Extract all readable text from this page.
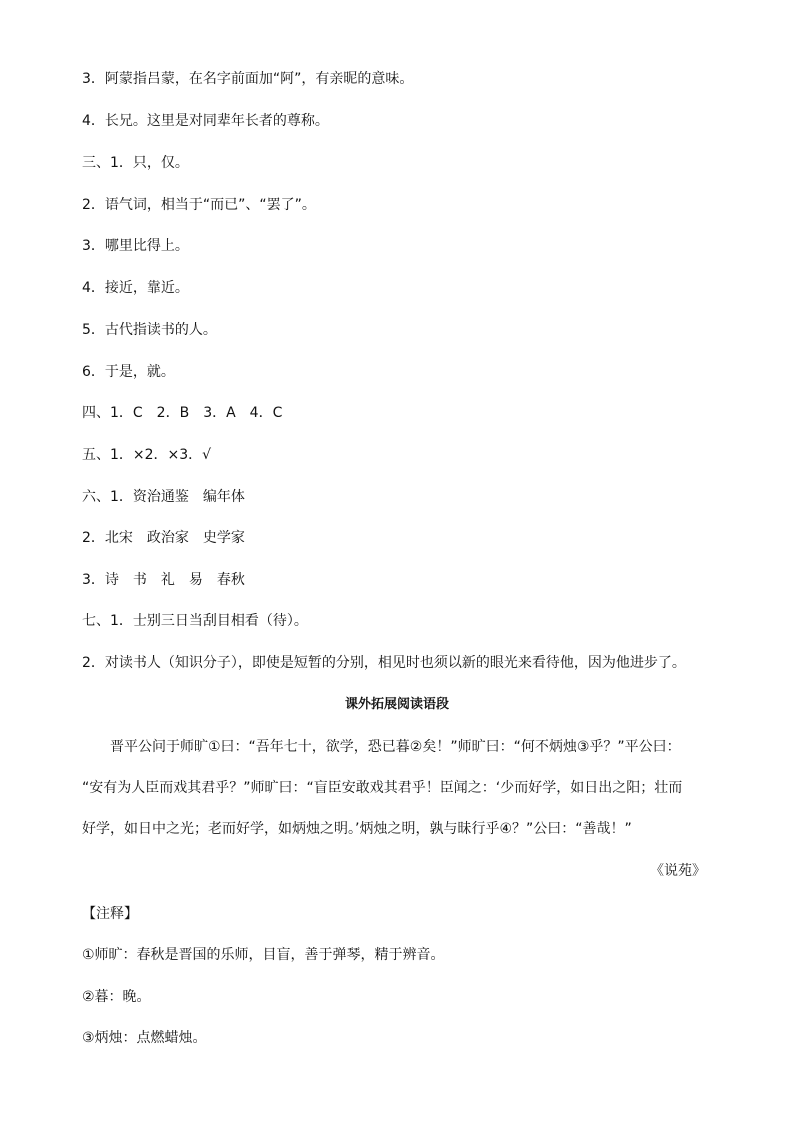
3．阿蒙指吕蒙，在名字前面加“阿”，有亲昵的意味。
4．长兄。这里是对同辈年长者的尊称。
三、1．只，仅。
2．语气词，相当于“而已”、“罢了”。
3．哪里比得上。
4．接近，靠近。
5．古代指读书的人。
6．于是，就。
四、1．C　2．B　3．A　4．C
五、1．×2．×3．√
六、1．资治通鉴　编年体
2．北宋　政治家　史学家
3．诗　书　礼　易　春秋
七、1．士别三日当刮目相看（待）。
2．对读书人（知识分子），即使是短暂的分别，相见时也须以新的眼光来看待他，因为他进步了。
课外拓展阅读语段
　　晋平公问于师旷①曰：“吾年七十，欲学，恐已暮②矣！”师旷曰：“何不炳烛③乎？”平公曰：
“安有为人臣而戏其君乎？”师旷曰：“盲臣安敢戏其君乎！臣闻之：‘少而好学，如日出之阳；壮而
好学，如日中之光；老而好学，如炳烛之明。’炳烛之明，孰与昧行乎④？”公曰：“善哉！”
《说苑》
【注释】
①师旷：春秋是晋国的乐师，目盲，善于弹琴，精于辨音。
②暮：晚。
③炳烛：点燃蜡烛。
